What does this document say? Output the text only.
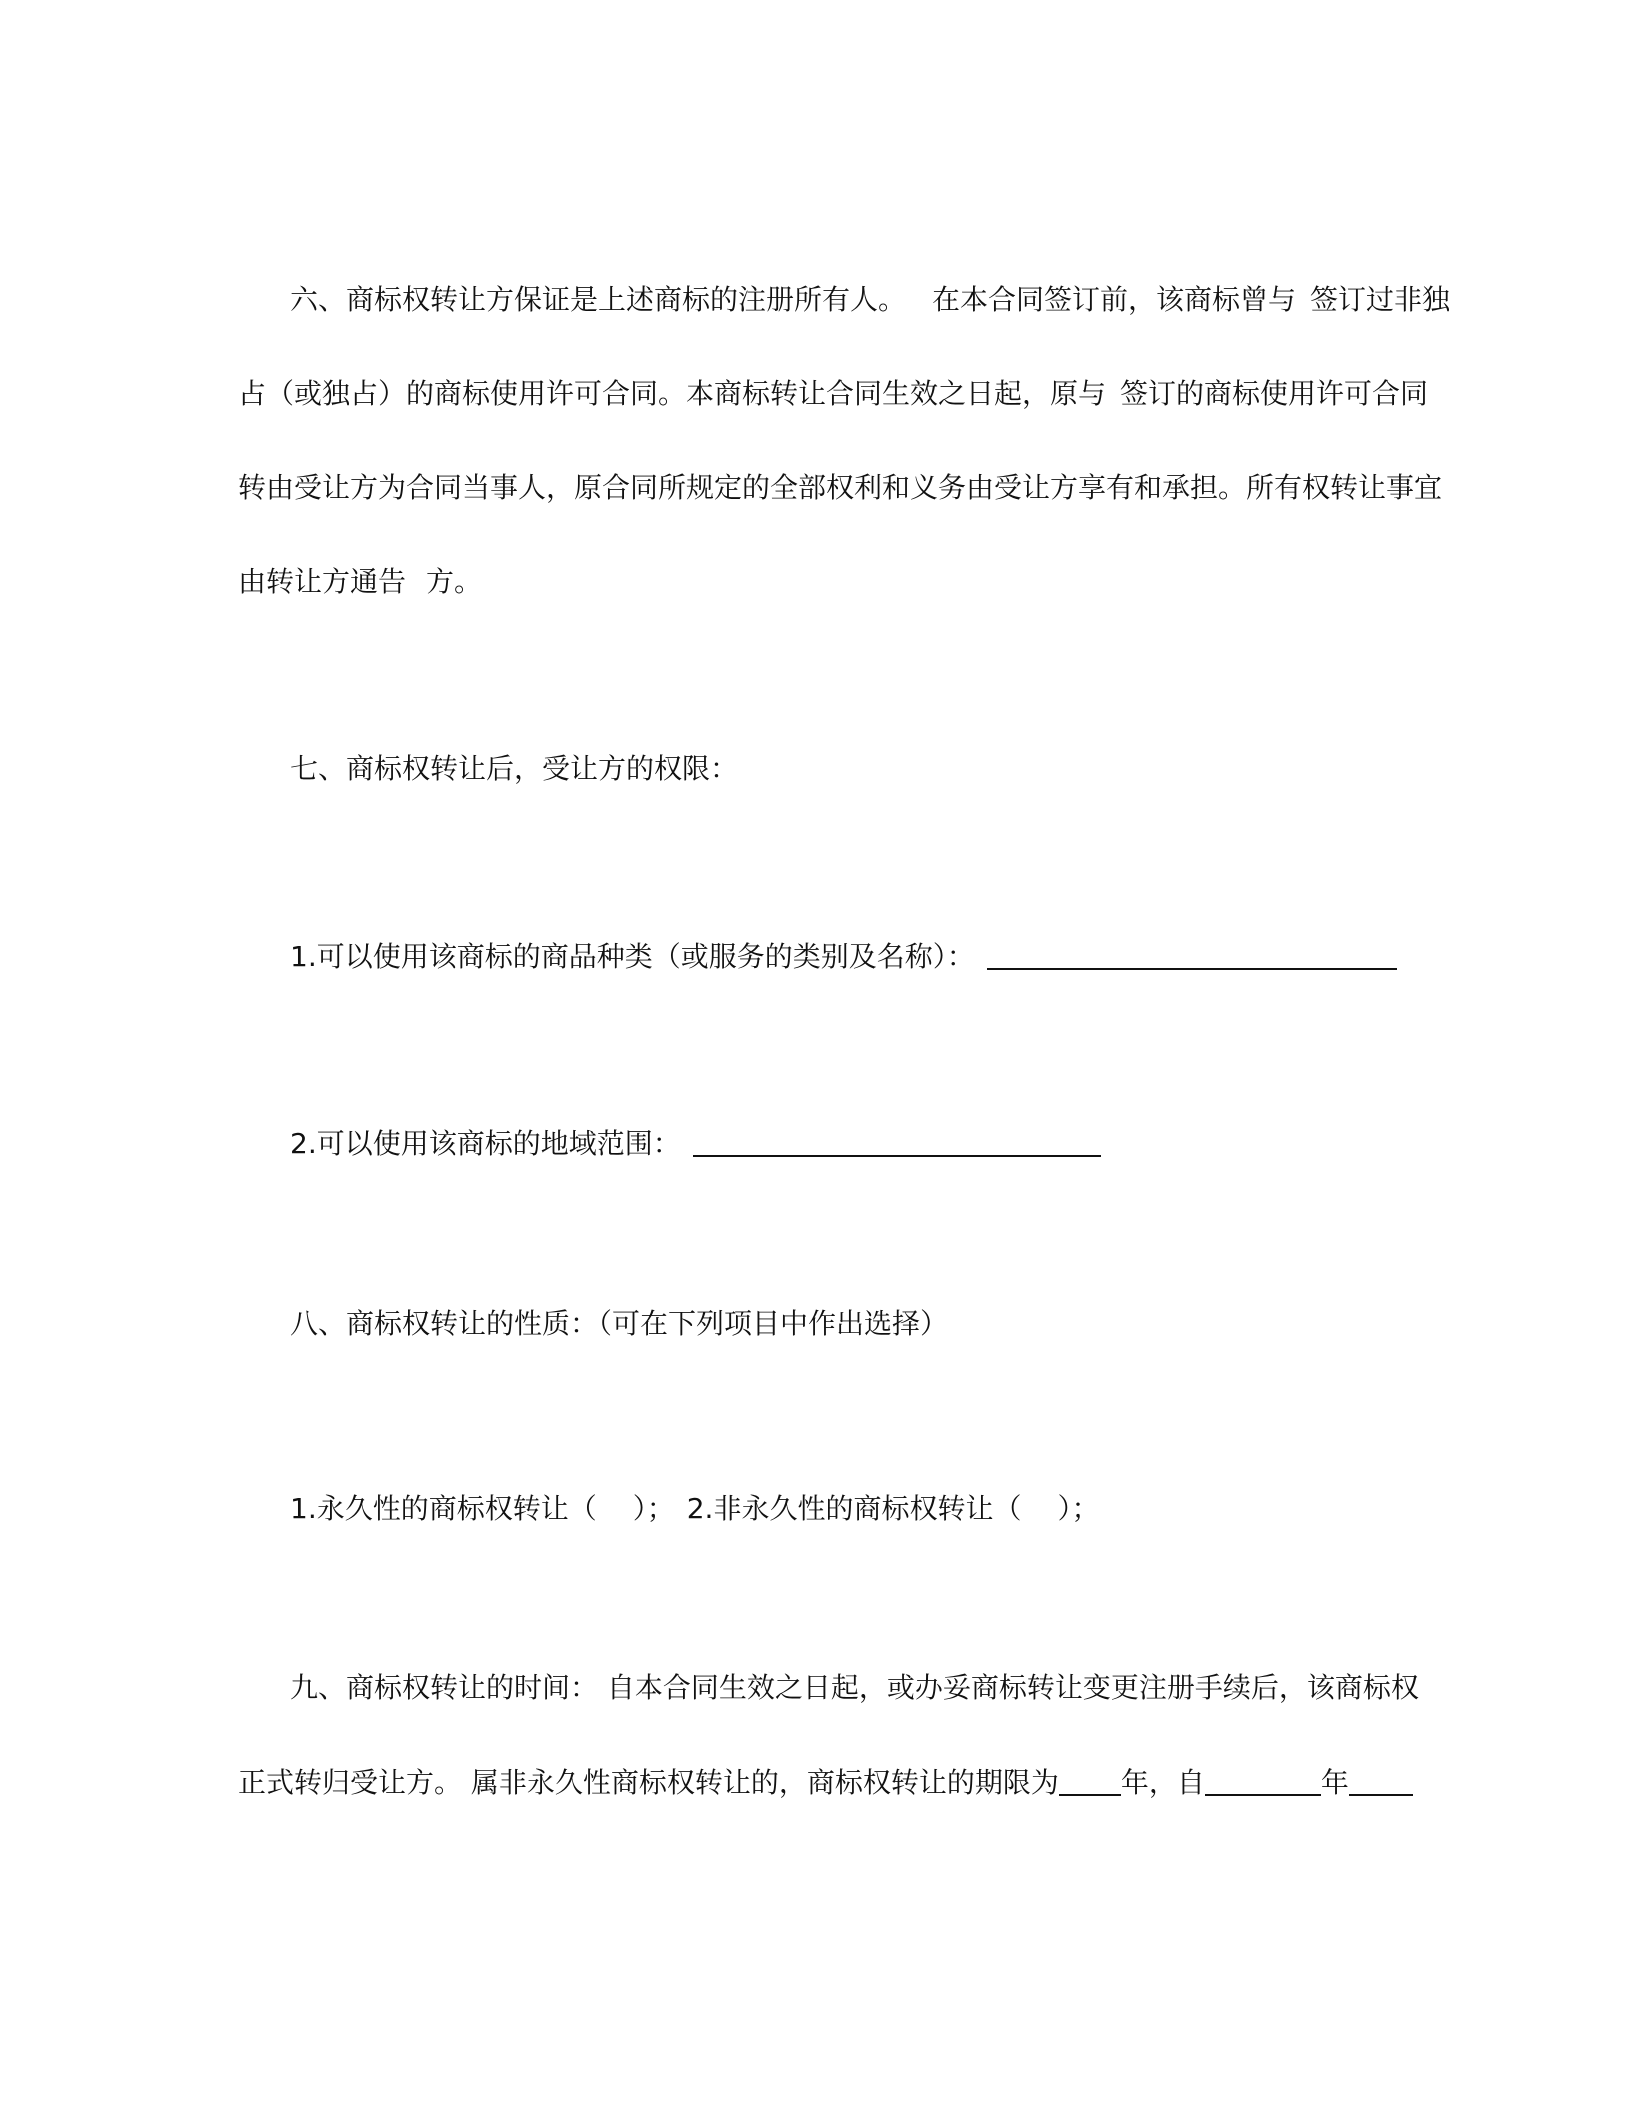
六、商标权转让方保证是上述商标的注册所有人。 在本合同签订前，该商标曾与 签订过非独
占（或独占）的商标使用许可合同。本商标转让合同生效之日起，原与 签订的商标使用许可合同
转由受让方为合同当事人，原合同所规定的全部权利和义务由受让方享有和承担。所有权转让事宜
由转让方通告 方。
七、商标权转让后，受让方的权限：
1.可以使用该商标的商品种类（或服务的类别及名称）：
2.可以使用该商标的地域范围：
八、商标权转让的性质：（可在下列项目中作出选择）
1.永久性的商标权转让（ ）； 2.非永久性的商标权转让（ ）；
九、商标权转让的时间： 自本合同生效之日起，或办妥商标转让变更注册手续后，该商标权
正式转归受让方。 属非永久性商标权转让的，商标权转让的期限为 年，自	年
